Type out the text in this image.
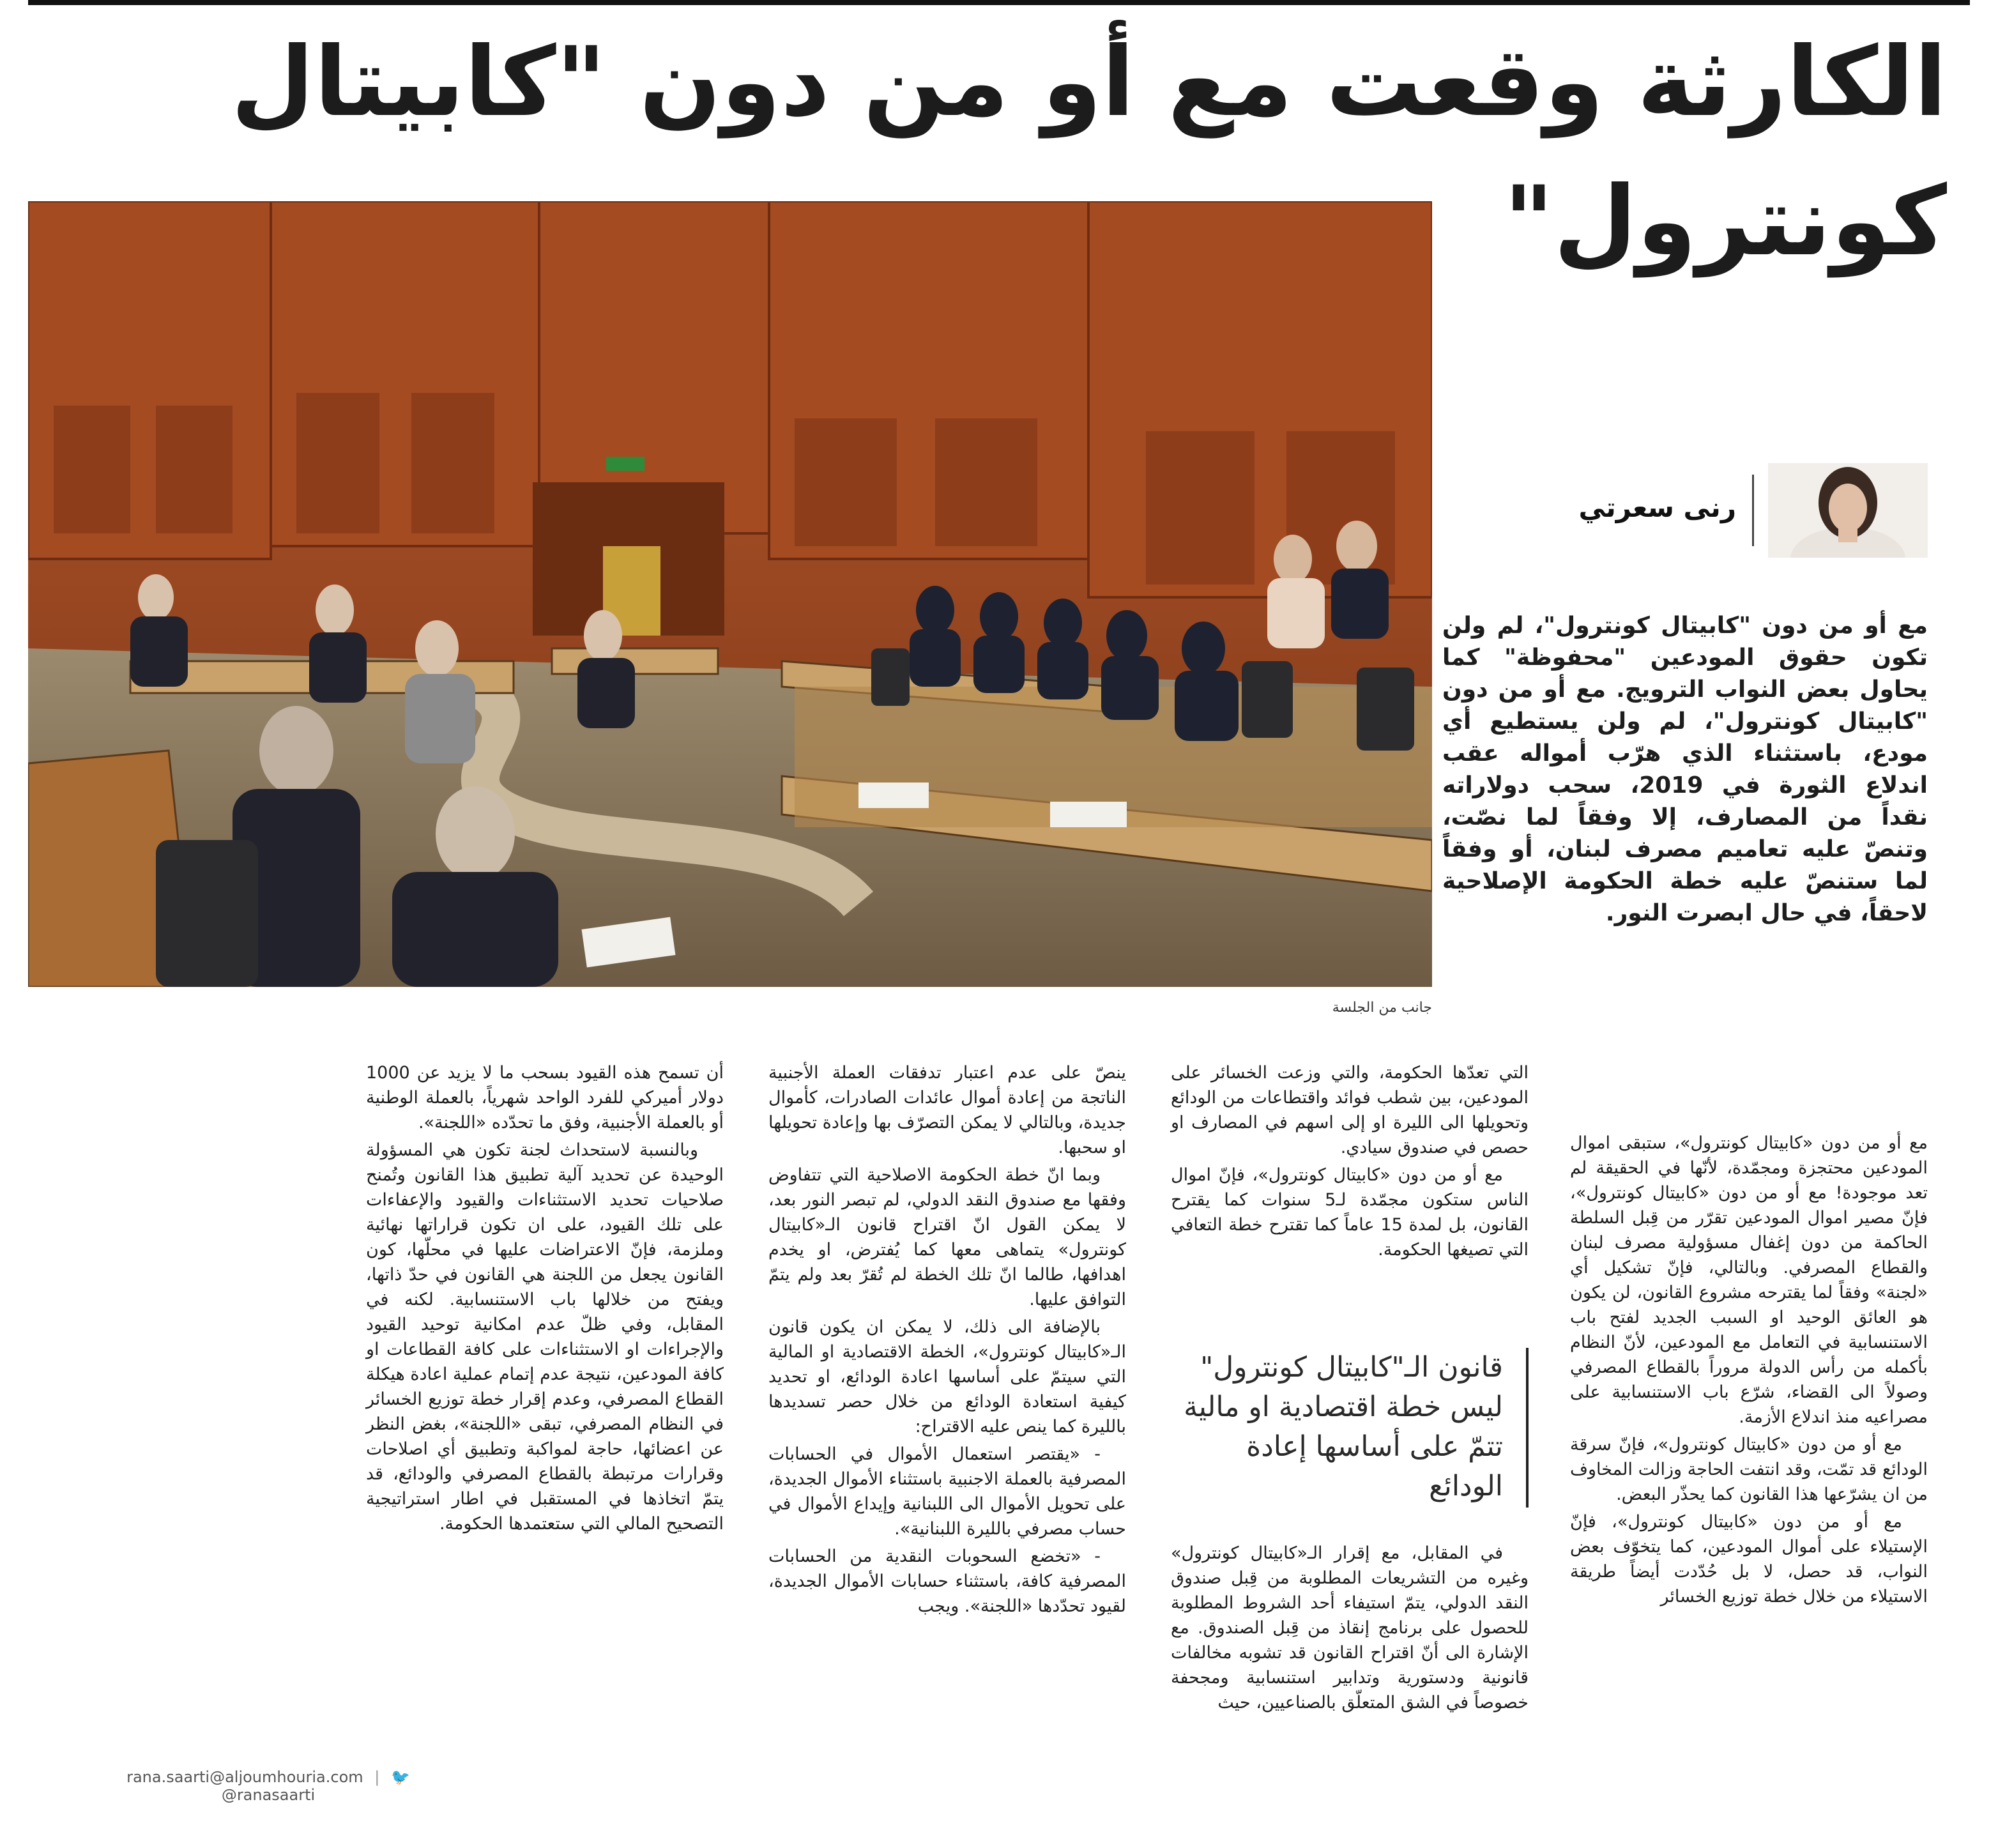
الكارثة وقعت مع أو من دون "كابيتال كونترول"
جانب من الجلسة
رنى سعرتي
مع أو من دون "كابيتال كونترول"، لم ولن تكون حقوق المودعين "محفوظة" كما يحاول بعض النواب الترويج. مع أو من دون "كابيتال كونترول"، لم ولن يستطيع أي مودع، باستثناء الذي هرّب أمواله عقب اندلاع الثورة في 2019، سحب دولاراته نقداً من المصارف، إلا وفقاً لما نصّت، وتنصّ عليه تعاميم مصرف لبنان، أو وفقاً لما ستنصّ عليه خطة الحكومة الإصلاحية لاحقاً، في حال ابصرت النور.

مع أو من دون «كابيتال كونترول»، ستبقى اموال المودعين محتجزة ومجمّدة، لأنّها في الحقيقة لم تعد موجودة! مع أو من دون «كابيتال كونترول»، فإنّ مصير اموال المودعين تقرّر من قِبل السلطة الحاكمة من دون إغفال مسؤولية مصرف لبنان والقطاع المصرفي. وبالتالي، فإنّ تشكيل أي «لجنة» وفقاً لما يقترحه مشروع القانون، لن يكون هو العائق الوحيد او السبب الجديد لفتح باب الاستنسابية في التعامل مع المودعين، لأنّ النظام بأكمله من رأس الدولة مروراً بالقطاع المصرفي وصولاً الى القضاء، شرّع باب الاستنسابية على مصراعيه منذ اندلاع الأزمة.

مع أو من دون «كابيتال كونترول»، فإنّ سرقة الودائع قد تمّت، وقد انتفت الحاجة وزالت المخاوف من ان يشرّعها هذا القانون كما يحذّر البعض.

مع أو من دون «كابيتال كونترول»، فإنّ الإستيلاء على أموال المودعين، كما يتخوّف بعض النواب، قد حصل، لا بل حُدّدت أيضاً طريقة الاستيلاء من خلال خطة توزيع الخسائر

التي تعدّها الحكومة، والتي وزعت الخسائر على المودعين، بين شطب فوائد واقتطاعات من الودائع وتحويلها الى الليرة او إلى اسهم في المصارف او حصص في صندوق سيادي.

مع أو من دون «كابيتال كونترول»، فإنّ اموال الناس ستكون مجمّدة لـ5 سنوات كما يقترح القانون، بل لمدة 15 عاماً كما تقترح خطة التعافي التي تصيغها الحكومة.

قانون الـ"كابيتال كونترول" ليس خطة اقتصادية او مالية تتمّ على أساسها إعادة الودائع

في المقابل، مع إقرار الـ«كابيتال كونترول» وغيره من التشريعات المطلوبة من قِبل صندوق النقد الدولي، يتمّ استيفاء أحد الشروط المطلوبة للحصول على برنامج إنقاذ من قِبل الصندوق. مع الإشارة الى أنّ اقتراح القانون قد تشوبه مخالفات قانونية ودستورية وتدابير استنسابية ومجحفة خصوصاً في الشق المتعلّق بالصناعيين، حيث

ينصّ على عدم اعتبار تدفقات العملة الأجنبية الناتجة من إعادة أموال عائدات الصادرات، كأموال جديدة، وبالتالي لا يمكن التصرّف بها وإعادة تحويلها او سحبها.

وبما انّ خطة الحكومة الاصلاحية التي تتفاوض وفقها مع صندوق النقد الدولي، لم تبصر النور بعد، لا يمكن القول انّ اقتراح قانون الـ«كابيتال كونترول» يتماهى معها كما يُفترض، او يخدم اهدافها، طالما انّ تلك الخطة لم تُقرّ بعد ولم يتمّ التوافق عليها.

بالإضافة الى ذلك، لا يمكن ان يكون قانون الـ«كابيتال كونترول»، الخطة الاقتصادية او المالية التي سيتمّ على أساسها اعادة الودائع، او تحديد كيفية استعادة الودائع من خلال حصر تسديدها بالليرة كما ينص عليه الاقتراح:

- «يقتصر استعمال الأموال في الحسابات المصرفية بالعملة الاجنبية باستثناء الأموال الجديدة، على تحويل الأموال الى اللبنانية وإيداع الأموال في حساب مصرفي بالليرة اللبنانية».

- «تخضع السحوبات النقدية من الحسابات المصرفية كافة، باستثناء حسابات الأموال الجديدة، لقيود تحدّدها «اللجنة». ويجب

أن تسمح هذه القيود بسحب ما لا يزيد عن 1000 دولار أميركي للفرد الواحد شهرياً، بالعملة الوطنية أو بالعملة الأجنبية، وفق ما تحدّده «اللجنة».

وبالنسبة لاستحداث لجنة تكون هي المسؤولة الوحيدة عن تحديد آلية تطبيق هذا القانون وتُمنح صلاحيات تحديد الاستثناءات والقيود والإعفاءات على تلك القيود، على ان تكون قراراتها نهائية وملزمة، فإنّ الاعتراضات عليها في محلّها، كون القانون يجعل من اللجنة هي القانون في حدّ ذاتها، ويفتح من خلالها باب الاستنسابية. لكنه في المقابل، وفي ظلّ عدم امكانية توحيد القيود والإجراءات او الاستثناءات على كافة القطاعات او كافة المودعين، نتيجة عدم إتمام عملية اعادة هيكلة القطاع المصرفي، وعدم إقرار خطة توزيع الخسائر في النظام المصرفي، تبقى «اللجنة»، بغض النظر عن اعضائها، حاجة لمواكبة وتطبيق أي اصلاحات وقرارات مرتبطة بالقطاع المصرفي والودائع، قد يتمّ اتخاذها في المستقبل في اطار استراتيجية التصحيح المالي التي ستعتمدها الحكومة.

rana.saarti@aljoumhouria.com | 🐦 @ranasaarti
